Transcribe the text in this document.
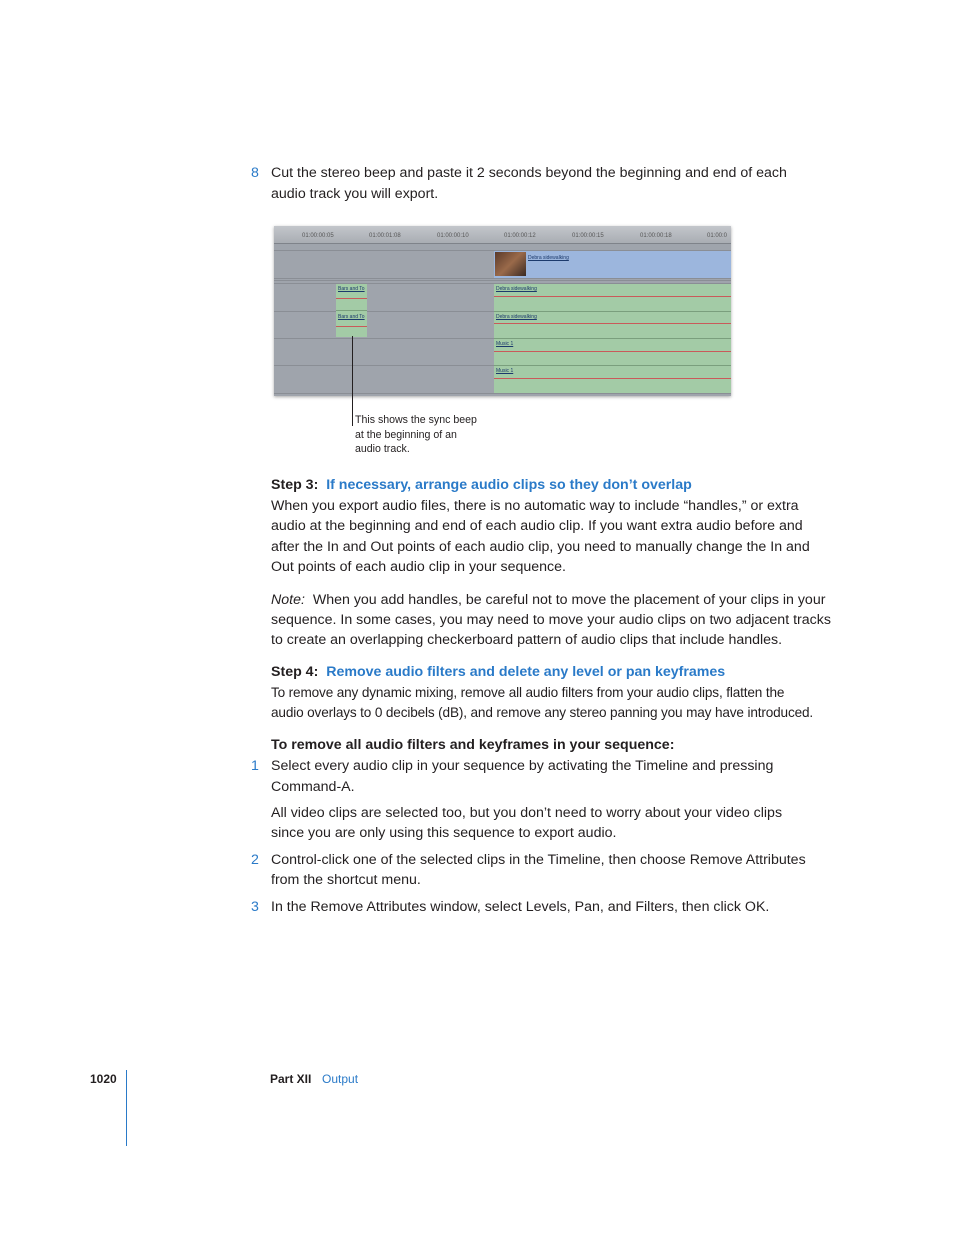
8 Cut the stereo beep and paste it 2 seconds beyond the beginning and end of each
audio track you will export.
01:00:00:05	01:00:01:08	01:00:00:10	01:00:00:12	01:00:00:15	01:00:00:18	01:00:0
Debra sidewalking
Bars and To
Bars and To
Debra sidewalking
Debra sidewalking
Music 1
Music 1
This shows the sync beep
at the beginning of an
audio track.
Step 3: If necessary, arrange audio clips so they don’t overlap
When you export audio files, there is no automatic way to include “handles,” or extra
audio at the beginning and end of each audio clip. If you want extra audio before and
after the In and Out points of each audio clip, you need to manually change the In and
Out points of each audio clip in your sequence.
Note: When you add handles, be careful not to move the placement of your clips in your
sequence. In some cases, you may need to move your audio clips on two adjacent tracks
to create an overlapping checkerboard pattern of audio clips that include handles.
Step 4: Remove audio filters and delete any level or pan keyframes
To remove any dynamic mixing, remove all audio filters from your audio clips, flatten the
audio overlays to 0 decibels (dB), and remove any stereo panning you may have introduced.
To remove all audio filters and keyframes in your sequence:
1 Select every audio clip in your sequence by activating the Timeline and pressing
Command-A.
All video clips are selected too, but you don’t need to worry about your video clips
since you are only using this sequence to export audio.
2 Control-click one of the selected clips in the Timeline, then choose Remove Attributes
from the shortcut menu.
3 In the Remove Attributes window, select Levels, Pan, and Filters, then click OK.
1020	Part XII Output
